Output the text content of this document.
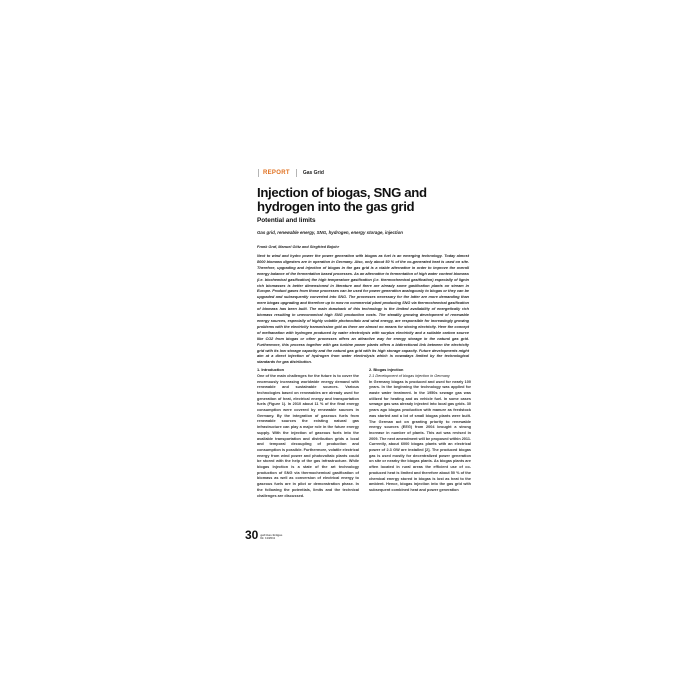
REPORT	Gas Grid
Injection of biogas, SNG and hydrogen into the gas grid
Potential and limits

Gas grid, renewable energy, SNG, hydrogen, energy storage, injection

Frank Graf, Manuel Götz and Siegfried Bajohr

Next to wind and hydro power the power generation with biogas as fuel is an emerging technology. Today almost 8000 biomass digesters are in operation in Germany. Also, only about 50 % of the co-generated heat is used on site. Therefore, upgrading and injection of biogas in the gas grid is a viable alternative in order to improve the overall energy balance of the fermentation based processes. As an alternative to fermentation of high water content biomass (i.e. biochemical gasification) the high temperature gasification (i.e. thermochemical gasification) especially of lignin rich biomasses is better dimensioned in literature and there are already some gasification plants on stream in Europe. Product gases from those processes can be used for power generation analogously to biogas or they can be upgraded and subsequently converted into SNG. The processes necessary for the latter are more demanding than mere biogas upgrading and therefore up to now no commercial plant producing SNG via thermochemical gasification of biomass has been built. The main drawback of this technology is the limited availability of energetically rich biomass resulting in uneconomical high SNG production costs. The steadily growing development of renewable energy sources, especially of highly volatile photovoltaic and wind energy, are responsible for increasingly growing problems with the electricity transmission grid as there are almost no means for storing electricity. Here the concept of methanation with hydrogen produced by water electrolysis with surplus electricity and a suitable carbon source like CO2 from biogas or other processes offers an attractive way for energy storage in the natural gas grid. Furthermore, this process together with gas turbine power plants offers a bidirectional link between the electricity grid with its low storage capacity and the natural gas grid with its high storage capacity. Future developments might aim at a direct injection of hydrogen from water electrolysis which is nowadays limited by the technological standards for gas distribution.

1. Introduction

One of the main challenges for the future is to cover the enormously increasing worldwide energy demand with renewable and sustainable sources. Various technologies based on renewables are already used for generation of heat, electrical energy and transportation fuels (Figure 1). In 2010 about 11 % of the final energy consumption were covered by renewable sources in Germany. By the integration of gaseous fuels from renewable sources the existing natural gas infrastructure can play a major role in the future energy supply. With the injection of gaseous fuels into the available transportation and distribution grids a local and temporal decoupling of production and consumption is possible. Furthermore, volatile electrical energy from wind power and photovoltaic plants could be stored with the help of the gas infrastructure. While biogas injection is a state of the art technology production of SNG via thermochemical gasification of biomass as well as conversion of electrical energy to gaseous fuels are in pilot or demonstration phase. In the following the potentials, limits and the technical challenges are discussed.

2. Biogas injection
2.1 Development of biogas injection in Germany

In Germany biogas is produced and used for nearly 100 years. In the beginning the technology was applied for waste water treatment. In the 1950s sewage gas was utilized for heating and as vehicle fuel. In some cases sewage gas was already injected into local gas grids. 30 years ago biogas production with manure as feedstock was started and a lot of small biogas plants were built. The German act on granting priority to renewable energy sources (EEG) from 2004 brought a strong increase in number of plants. This act was revised in 2009. The next amendment will be proposed within 2011. Currently, about 6000 biogas plants with an electrical power of 2.3 GW are installed [2]. The produced biogas gas is used mostly for decentralized power generation on site or nearby the biogas plants. As biogas plants are often located in rural areas the efficient use of co-produced heat is limited and therefore about 50 % of the chemical energy stored in biogas is lost as heat to the ambient. Hence, biogas injection into the gas grid with subsequent combined heat and power generation

30 gwf-Gas Erdgas
Nr. 11/2011
